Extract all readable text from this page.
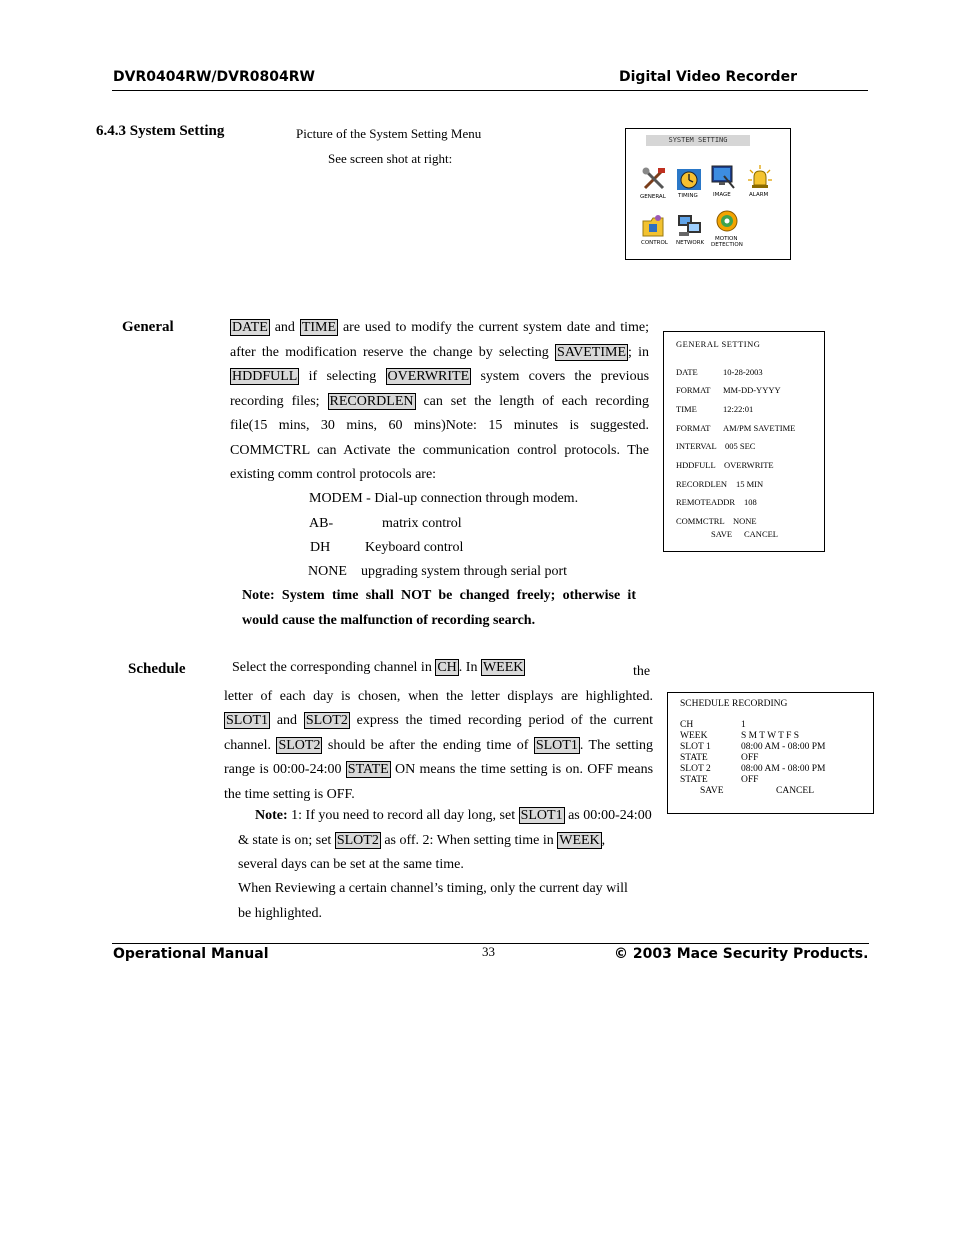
DVR0404RW/DVR0804RW	Digital Video Recorder
6.4.3 System Setting	Picture of the System Setting Menu
See screen shot at right:
SYSTEM SETTING
GENERAL TIMING	IMAGE	ALARM
CONTROL NETWORK
MOTION
DETECTION
General	DATE and TIME are used to modify the current system date and time; after the modification reserve the change by selecting SAVETIME ; in HDDFULL if selecting OVERWRITE system covers the previous recording files; RECORDLEN can set the length of each recording file(15 mins, 30 mins, 60 mins)Note: 15 minutes is suggested. COMMCTRL can Activate the communication control protocols. The existing comm control protocols are:
MODEM - Dial-up connection through modem.
AB-	matrix control
DH Keyboard control
NONE upgrading system through serial port
Note: System time shall NOT be changed freely; otherwise it would cause the malfunction of recording search.
GENERAL SETTING
DATE	10-28-2003
FORMAT MM-DD-YYYY
TIME	12:22:01
FORMAT AM/PM SAVETIME
INTERVAL 005 SEC
HDDFULL OVERWRITE
RECORDLEN 15 MIN
REMOTEADDR 108
COMMCTRL NONE
SAVE CANCEL
Schedule	Select the corresponding channel in CH . In WEEK	the letter of each day is chosen, when the letter displays are highlighted. SLOT1 and SLOT2 express the timed recording period of the current channel. SLOT2 should be after the ending time of SLOT1 . The setting range is 00:00-24:00 STATE ON means the time setting is on. OFF means the time setting is OFF.
Note: 1: If you need to record all day long, set SLOT1 as 00:00-24:00
& state is on; set SLOT2 as off. 2: When setting time in WEEK ,
several days can be set at the same time.
When Reviewing a certain channel’s timing, only the current day will
be highlighted.
SCHEDULE RECORDING
CH	1
WEEK	S M T W T F S
SLOT 1	08:00 AM - 08:00 PM
STATE	OFF
SLOT 2	08:00 AM - 08:00 PM
STATE	OFF
SAVE	CANCEL
Operational Manual	33	© 2003 Mace Security Products.
